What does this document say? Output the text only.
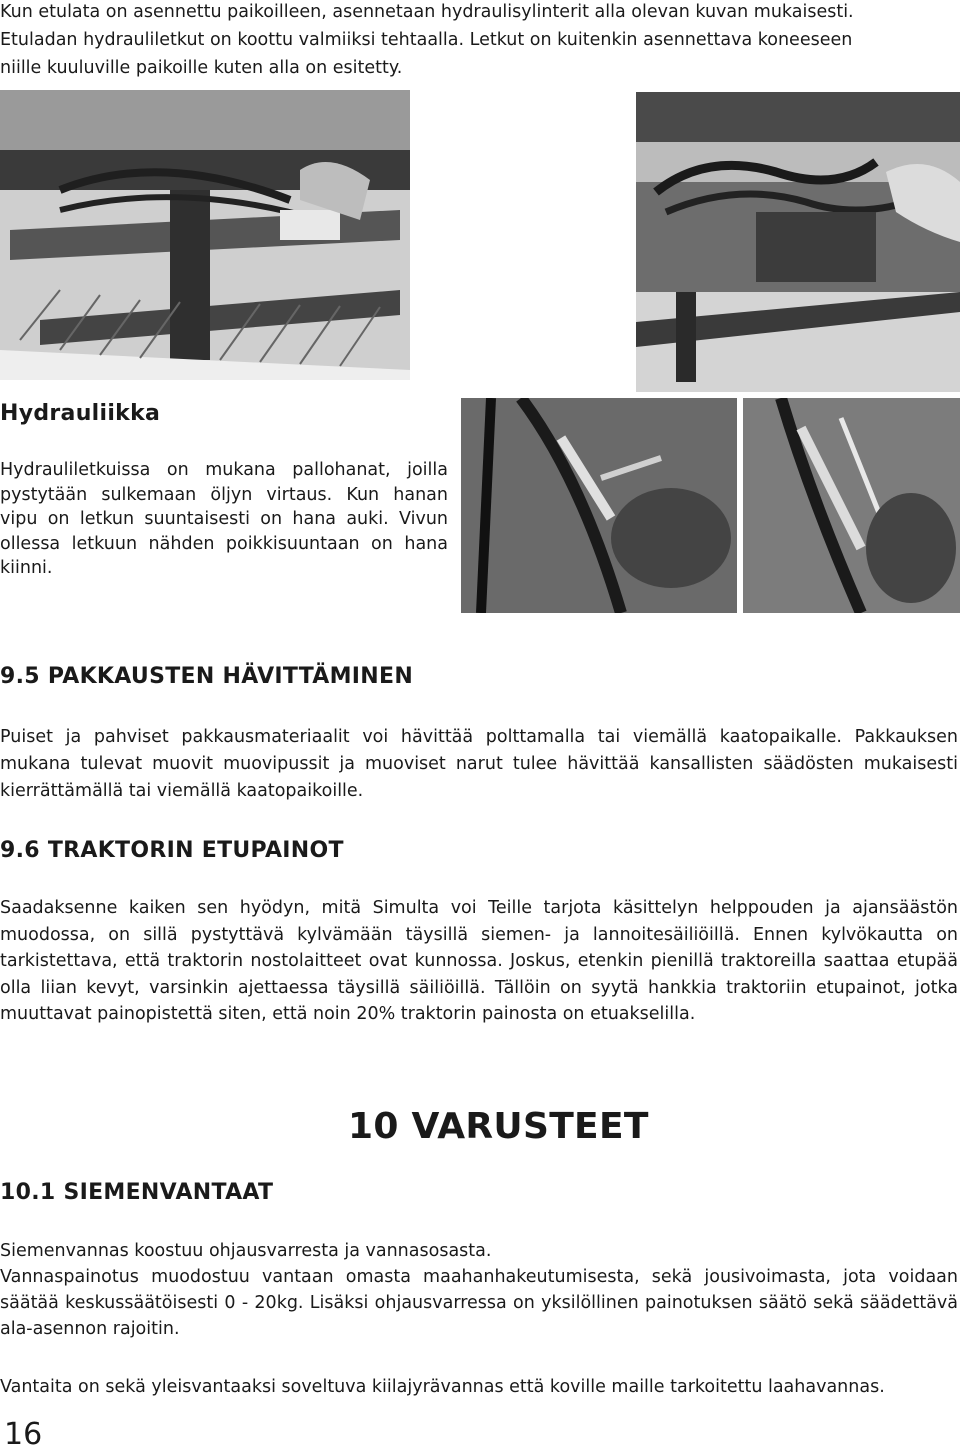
Kun etulata on asennettu paikoilleen, asennetaan hydraulisylinterit alla olevan kuvan mukaisesti.
Etuladan hydrauliletkut on koottu valmiiksi tehtaalla. Letkut on kuitenkin asennettava koneeseen
niille kuuluville paikoille kuten alla on esitetty.
Hydrauliikka
Hydrauliletkuissa on mukana pallohanat, joilla pystytään sulkemaan öljyn virtaus. Kun hanan vipu on letkun suuntaisesti on hana auki. Vivun ollessa letkuun nähden poikkisuuntaan on hana kiinni.
9.5 PAKKAUSTEN HÄVITTÄMINEN
Puiset ja pahviset pakkausmateriaalit voi hävittää polttamalla tai viemällä kaatopaikalle. Pakkauksen mukana tulevat muovit muovipussit ja muoviset narut tulee hävittää kansallisten säädösten mukaisesti kierrättämällä tai viemällä kaatopaikoille.
9.6 TRAKTORIN ETUPAINOT
Saadaksenne kaiken sen hyödyn, mitä Simulta voi Teille tarjota käsittelyn helppouden ja ajansäästön muodossa, on sillä pystyttävä kylvämään täysillä siemen- ja lannoitesäiliöillä. Ennen kylvökautta on tarkistettava, että traktorin nostolaitteet ovat kunnossa. Joskus, etenkin pienillä traktoreilla saattaa etupää olla liian kevyt, varsinkin ajettaessa täysillä säiliöillä. Tällöin on syytä hankkia traktoriin etupainot, jotka muuttavat painopistettä siten, että noin 20% traktorin painosta on etuakselilla.
10 VARUSTEET
10.1 SIEMENVANTAAT
Siemenvannas koostuu ohjausvarresta ja vannasosasta.
Vannaspainotus muodostuu vantaan omasta maahanhakeutumisesta, sekä jousivoimasta, jota voidaan säätää keskussäätöisesti 0 - 20kg. Lisäksi ohjausvarressa on yksilöllinen painotuksen säätö sekä säädettävä ala-asennon rajoitin.
Vantaita on sekä yleisvantaaksi soveltuva kiilajyrävannas että koville maille tarkoitettu laahavannas.
16
